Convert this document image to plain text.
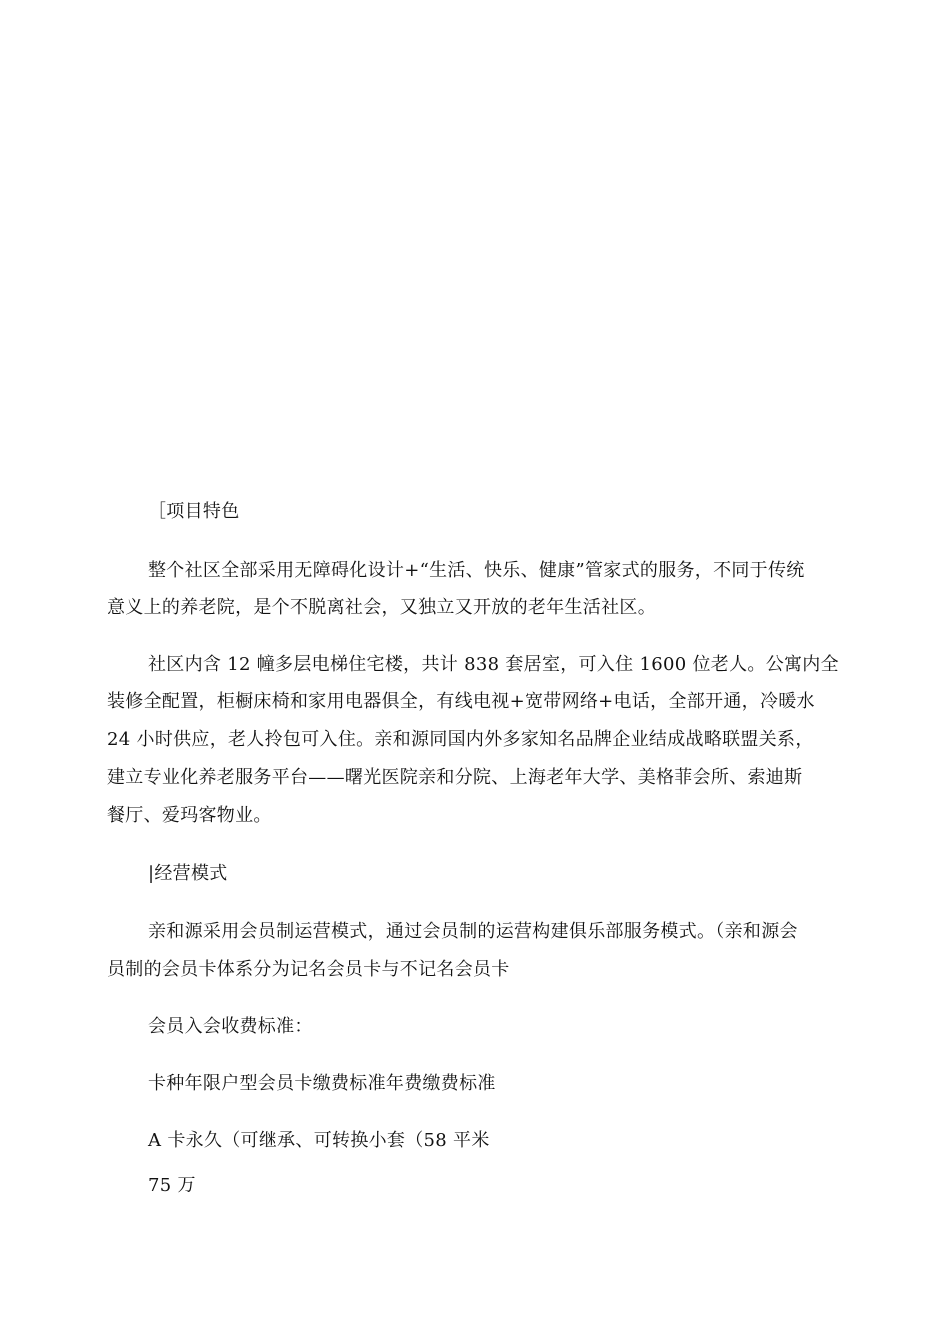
［项目特色
整个社区全部采用无障碍化设计+“生活、快乐、健康”管家式的服务，不同于传统
意义上的养老院，是个不脱离社会，又独立又开放的老年生活社区。
社区内含 12 幢多层电梯住宅楼，共计 838 套居室，可入住 1600 位老人。公寓内全
装修全配置，柜橱床椅和家用电器俱全，有线电视+宽带网络+电话，全部开通，冷暖水
24 小时供应，老人拎包可入住。亲和源同国内外多家知名品牌企业结成战略联盟关系，
建立专业化养老服务平台——曙光医院亲和分院、上海老年大学、美格菲会所、索迪斯
餐厅、爱玛客物业。
|经营模式
亲和源采用会员制运营模式，通过会员制的运营构建俱乐部服务模式。（亲和源会
员制的会员卡体系分为记名会员卡与不记名会员卡
会员入会收费标准：
卡种年限户型会员卡缴费标准年费缴费标准
A 卡永久（可继承、可转换小套（58 平米
75 万
